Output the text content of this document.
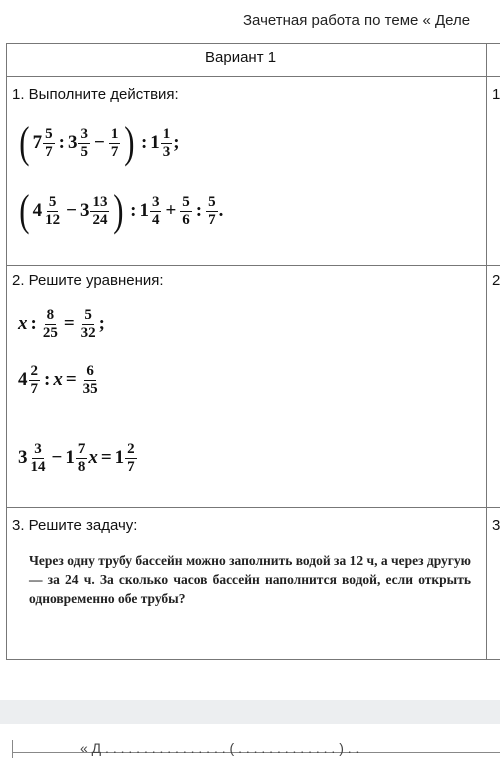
Зачетная работа по теме « Деле
Вариант 1
1
2
3
1. Выполните действия:
( $7 \frac{5}{7}$ : $3 \frac{3}{5} - \frac{1}{7}$ ) : $1 \frac{1}{3}$ ;
( $4 \frac{5}{12} - 3 \frac{13}{24}$ ) : $1 \frac{3}{4} + \frac{5}{6}$ : $\frac{5}{7}$ .
2. Решите уравнения:
x : $\frac{8}{25} = \frac{5}{32}$ ;
$4 \frac{2}{7}$ : $x = \frac{6}{35}$
$3 \frac{3}{14} - 1 \frac{7}{8}$ $x = 1 \frac{2}{7}$
3. Решите задачу:
Через одну трубу бассейн можно заполнить водой за 12 ч, а через другую — за 24 ч. За сколько часов бассейн наполнится водой, если открыть одновременно обе трубы?
« Д . . . . . . . . . . . . . . . . ( . . . . . . . . . . . . . ) . .
